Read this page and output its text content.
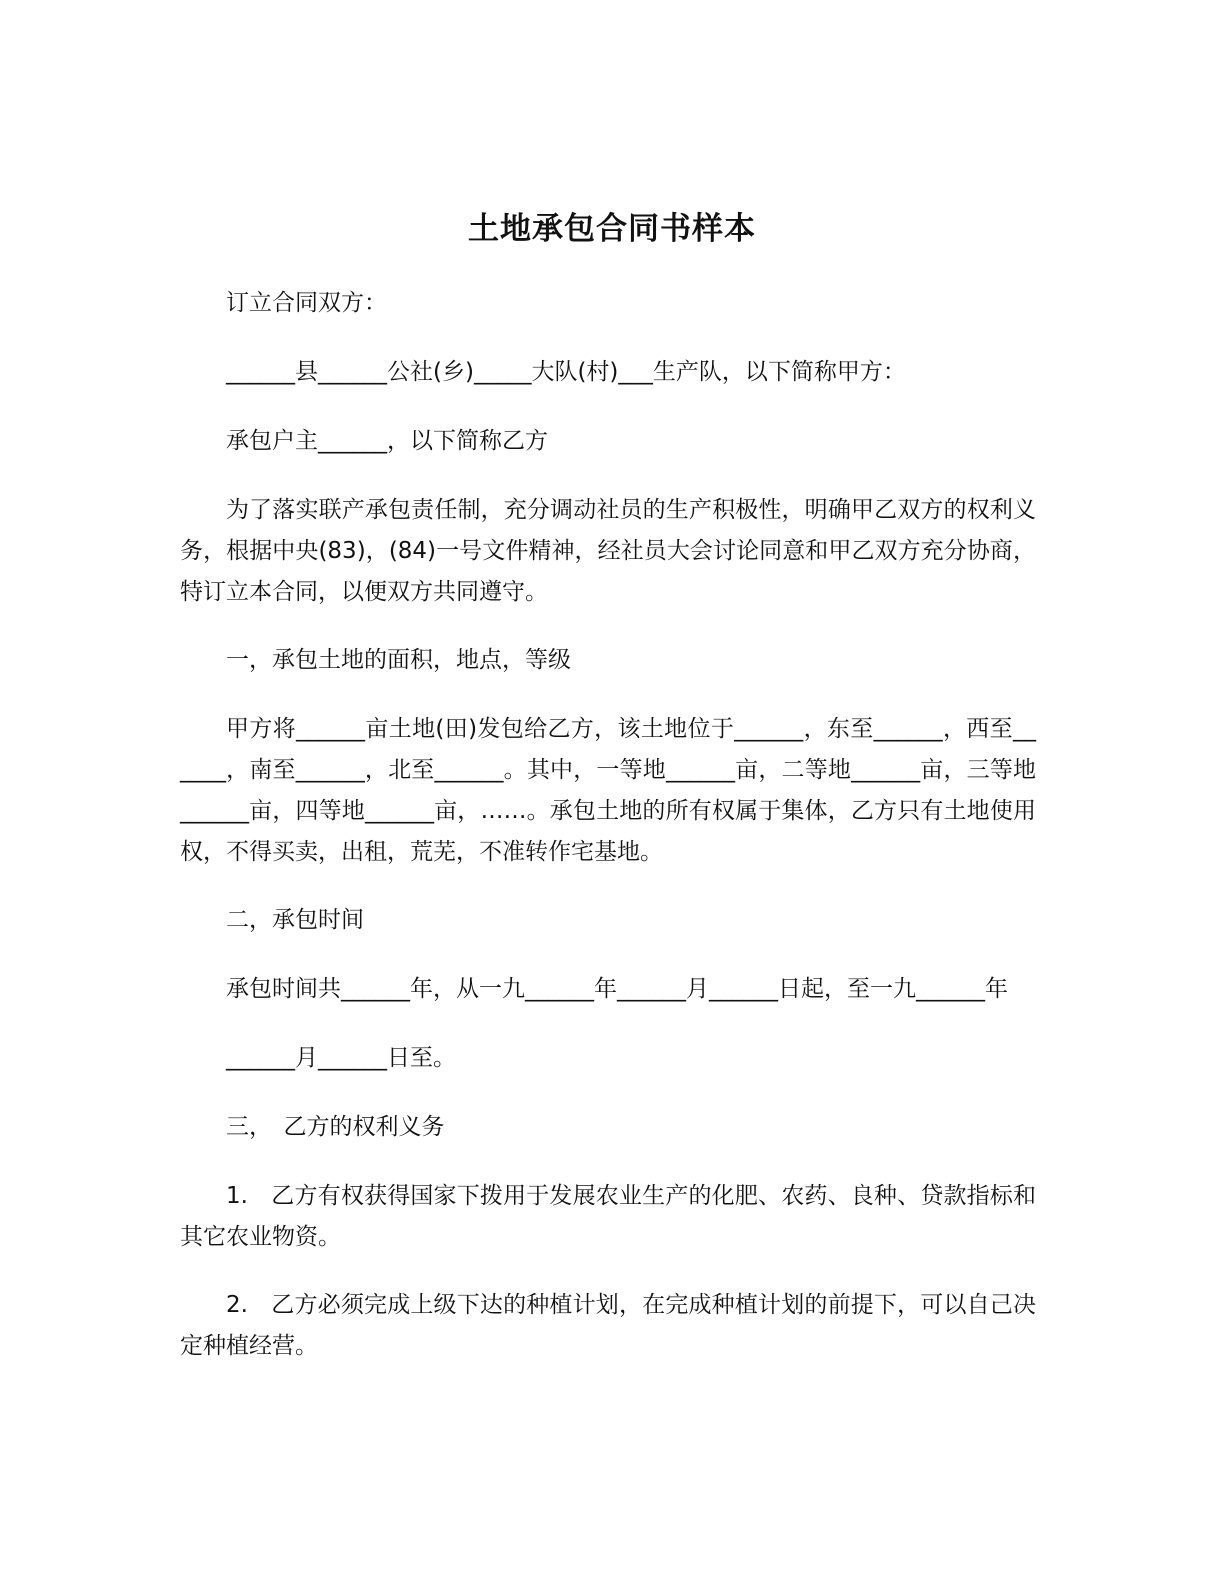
土地承包合同书样本

订立合同双方：

______县______公社(乡)_____大队(村)___生产队，以下简称甲方：

承包户主______，以下简称乙方

为了落实联产承包责任制，充分调动社员的生产积极性，明确甲乙双方的权利义务，根据中央(83)，(84)一号文件精神，经社员大会讨论同意和甲乙双方充分协商，特订立本合同，以便双方共同遵守。

一，承包土地的面积，地点，等级

甲方将______亩土地(田)发包给乙方，该土地位于______，东至______，西至______，南至______，北至______。其中，一等地______亩，二等地______亩，三等地______亩，四等地______亩，……。承包土地的所有权属于集体，乙方只有土地使用权，不得买卖，出租，荒芜，不准转作宅基地。

二，承包时间

承包时间共______年，从一九______年______月______日起，至一九______年

______月______日至。

三，　乙方的权利义务

1.　乙方有权获得国家下拨用于发展农业生产的化肥、农药、良种、贷款指标和其它农业物资。

2.　乙方必须完成上级下达的种植计划，在完成种植计划的前提下，可以自己决定种植经营。
